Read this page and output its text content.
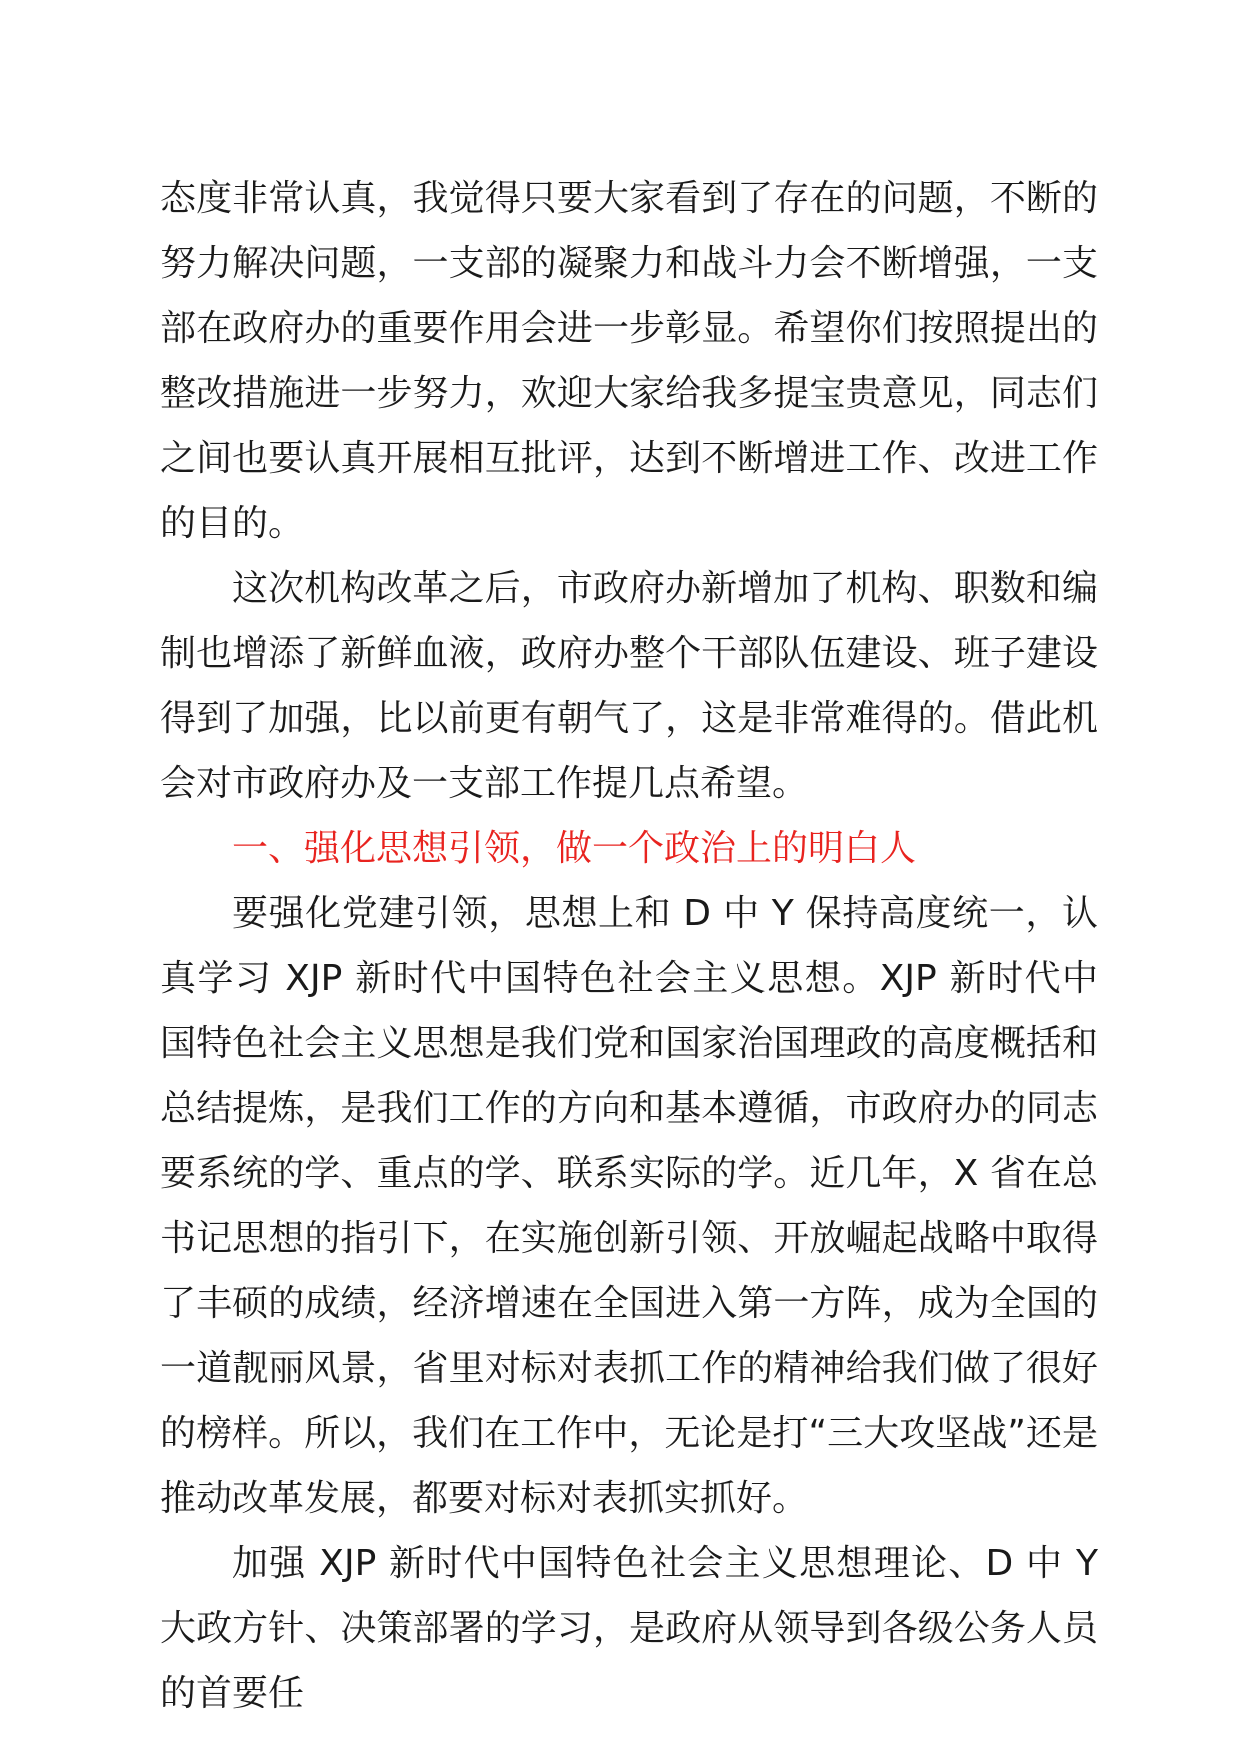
态度非常认真，我觉得只要大家看到了存在的问题，不断的努力解决问题，一支部的凝聚力和战斗力会不断增强，一支部在政府办的重要作用会进一步彰显。希望你们按照提出的整改措施进一步努力，欢迎大家给我多提宝贵意见，同志们之间也要认真开展相互批评，达到不断增进工作、改进工作的目的。

这次机构改革之后，市政府办新增加了机构、职数和编制也增添了新鲜血液，政府办整个干部队伍建设、班子建设得到了加强，比以前更有朝气了，这是非常难得的。借此机会对市政府办及一支部工作提几点希望。

一、强化思想引领，做一个政治上的明白人

要强化党建引领，思想上和 D 中 Y 保持高度统一，认真学习 XJP 新时代中国特色社会主义思想。XJP 新时代中国特色社会主义思想是我们党和国家治国理政的高度概括和总结提炼，是我们工作的方向和基本遵循，市政府办的同志要系统的学、重点的学、联系实际的学。近几年，X 省在总书记思想的指引下，在实施创新引领、开放崛起战略中取得了丰硕的成绩，经济增速在全国进入第一方阵，成为全国的一道靓丽风景，省里对标对表抓工作的精神给我们做了很好的榜样。所以，我们在工作中，无论是打“三大攻坚战”还是推动改革发展，都要对标对表抓实抓好。

加强 XJP 新时代中国特色社会主义思想理论、D 中 Y 大政方针、决策部署的学习，是政府从领导到各级公务人员的首要任
